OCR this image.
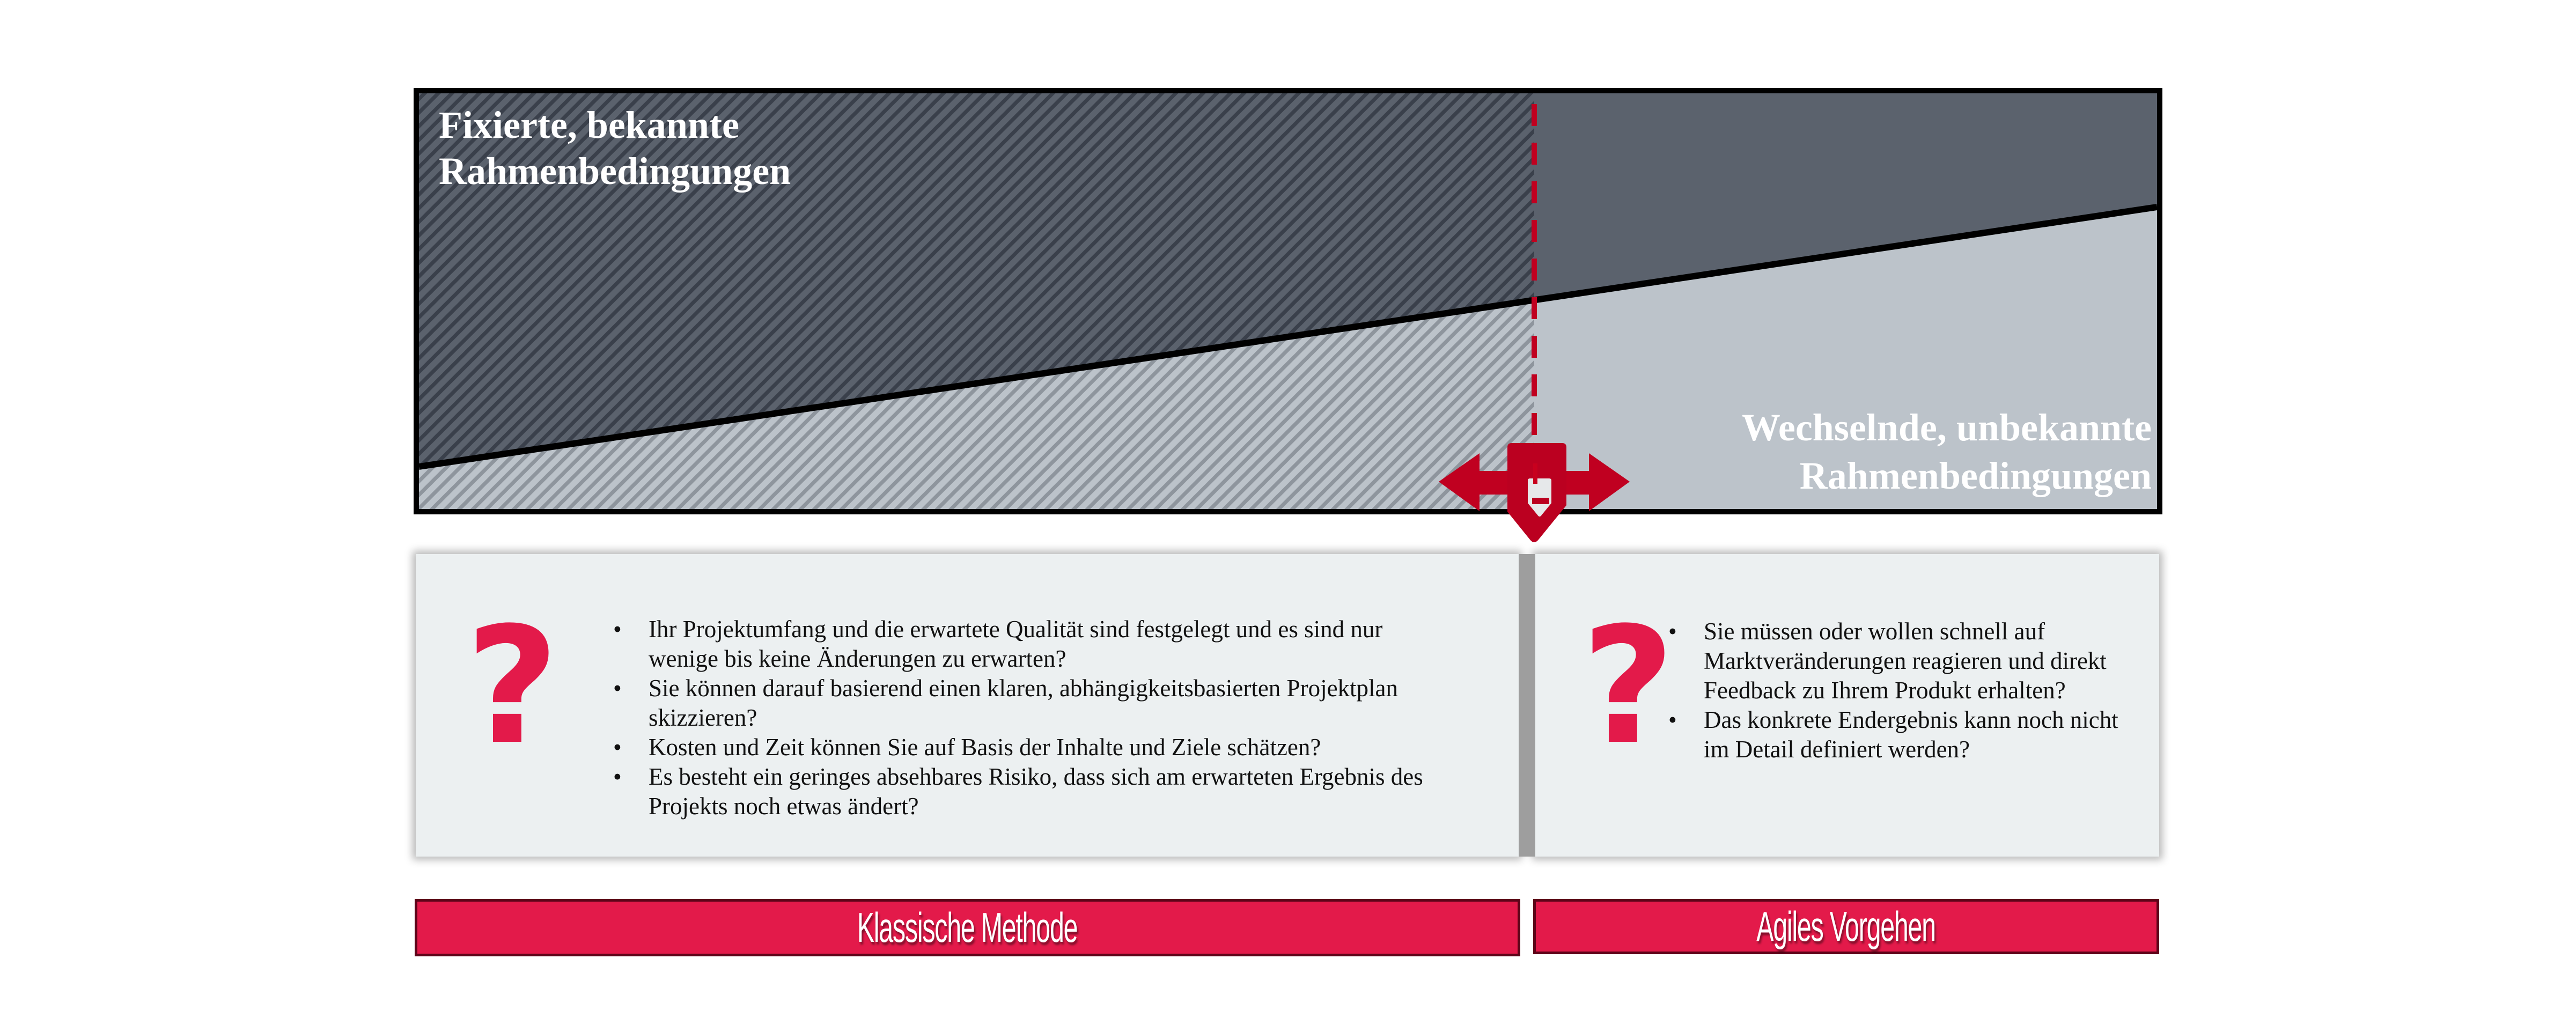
Fixierte, bekannte
Rahmenbedingungen
Wechselnde, unbekannte
Rahmenbedingungen
?	?
• Ihr Projektumfang und die erwartete Qualität sind festgelegt und es sind nur wenige bis keine Änderungen zu erwarten?
• Sie können darauf basierend einen klaren, abhängigkeitsbasierten Projektplan skizzieren?
• Kosten und Zeit können Sie auf Basis der Inhalte und Ziele schätzen?
• Es besteht ein geringes absehbares Risiko, dass sich am erwarteten Ergebnis des Projekts noch etwas ändert?
• Sie müssen oder wollen schnell auf Marktveränderungen reagieren und direkt Feedback zu Ihrem Produkt erhalten?
• Das konkrete Endergebnis kann noch nicht im Detail definiert werden?
Klassische Methode	Agiles Vorgehen
